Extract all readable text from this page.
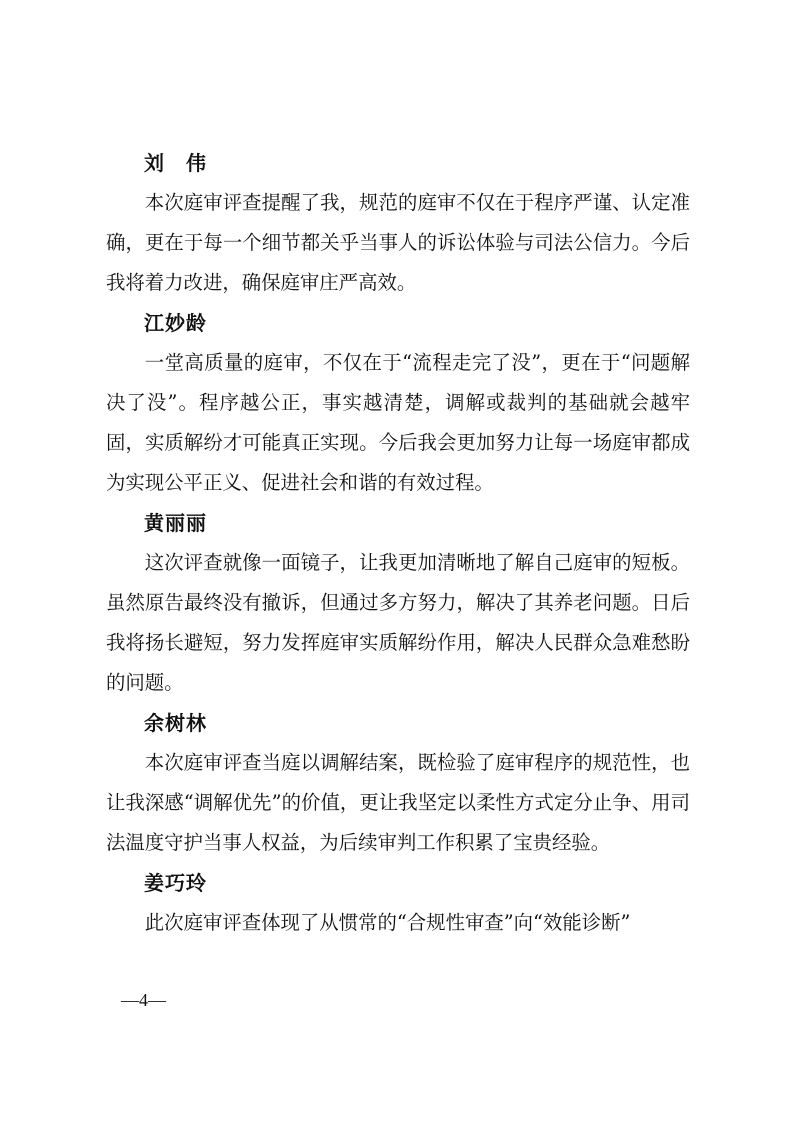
刘　伟

本次庭审评查提醒了我，规范的庭审不仅在于程序严谨、认定准确，更在于每一个细节都关乎当事人的诉讼体验与司法公信力。今后我将着力改进，确保庭审庄严高效。

江妙龄

一堂高质量的庭审，不仅在于“流程走完了没”，更在于“问题解决了没”。程序越公正，事实越清楚，调解或裁判的基础就会越牢固，实质解纷才可能真正实现。今后我会更加努力让每一场庭审都成为实现公平正义、促进社会和谐的有效过程。

黄丽丽

这次评查就像一面镜子，让我更加清晰地了解自己庭审的短板。虽然原告最终没有撤诉，但通过多方努力，解决了其养老问题。日后我将扬长避短，努力发挥庭审实质解纷作用，解决人民群众急难愁盼的问题。

余树林

本次庭审评查当庭以调解结案，既检验了庭审程序的规范性，也让我深感“调解优先”的价值，更让我坚定以柔性方式定分止争、用司法温度守护当事人权益，为后续审判工作积累了宝贵经验。

姜巧玲

此次庭审评查体现了从惯常的“合规性审查”向“效能诊断”

—4—
